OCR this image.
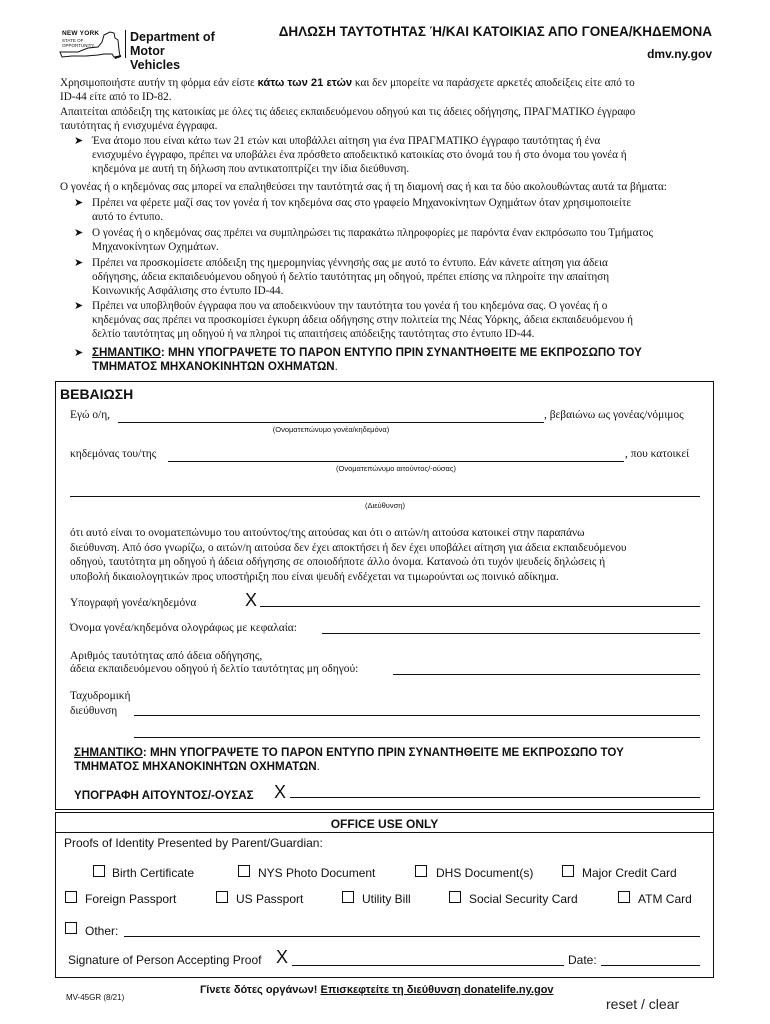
NEW YORK
STATE OF OPPORTUNITY.
Department of
Motor Vehicles
ΔΗΛΩΣΗ ΤΑΥΤΟΤΗΤΑΣ Ή/ΚΑΙ ΚΑΤΟΙΚΙΑΣ ΑΠΟ ΓΟΝΕΑ/ΚΗΔΕΜΟΝΑ
dmv.ny.gov
Χρησιμοποιήστε αυτήν τη φόρμα εάν είστε κάτω των 21 ετών και δεν μπορείτε να παράσχετε αρκετές αποδείξεις είτε από το
ID-44 είτε από το ID-82.
Απαιτείται απόδειξη της κατοικίας με όλες τις άδειες εκπαιδευόμενου οδηγού και τις άδειες οδήγησης, ΠΡΑΓΜΑΤΙΚΟ έγγραφο
ταυτότητας ή ενισχυμένα έγγραφα.
➤ Ένα άτομο που είναι κάτω των 21 ετών και υποβάλλει αίτηση για ένα ΠΡΑΓΜΑΤΙΚΟ έγγραφο ταυτότητας ή ένα
ενισχυμένο έγγραφο, πρέπει να υποβάλει ένα πρόσθετο αποδεικτικό κατοικίας στο όνομά του ή στο όνομα του γονέα ή
κηδεμόνα με αυτή τη δήλωση που αντικατοπτρίζει την ίδια διεύθυνση.
Ο γονέας ή ο κηδεμόνας σας μπορεί να επαληθεύσει την ταυτότητά σας ή τη διαμονή σας ή και τα δύο ακολουθώντας αυτά τα βήματα:
➤ Πρέπει να φέρετε μαζί σας τον γονέα ή τον κηδεμόνα σας στο γραφείο Μηχανοκίνητων Οχημάτων όταν χρησιμοποιείτε
αυτό το έντυπο.
➤ Ο γονέας ή ο κηδεμόνας σας πρέπει να συμπληρώσει τις παρακάτω πληροφορίες με παρόντα έναν εκπρόσωπο του Τμήματος
Μηχανοκίνητων Οχημάτων.
➤ Πρέπει να προσκομίσετε απόδειξη της ημερομηνίας γέννησής σας με αυτό το έντυπο. Εάν κάνετε αίτηση για άδεια
οδήγησης, άδεια εκπαιδευόμενου οδηγού ή δελτίο ταυτότητας μη οδηγού, πρέπει επίσης να πληροίτε την απαίτηση
Κοινωνικής Ασφάλισης στο έντυπο ID-44.
➤ Πρέπει να υποβληθούν έγγραφα που να αποδεικνύουν την ταυτότητα του γονέα ή του κηδεμόνα σας. Ο γονέας ή ο
κηδεμόνας σας πρέπει να προσκομίσει έγκυρη άδεια οδήγησης στην πολιτεία της Νέας Υόρκης, άδεια εκπαιδευόμενου ή
δελτίο ταυτότητας μη οδηγού ή να πληροί τις απαιτήσεις απόδειξης ταυτότητας στο έντυπο ID-44.
➤ ΣΗΜΑΝΤΙΚΟ: ΜΗΝ ΥΠΟΓΡΑΨΕΤΕ ΤΟ ΠΑΡΟΝ ΕΝΤΥΠΟ ΠΡΙΝ ΣΥΝΑΝΤΗΘΕΙΤΕ ΜΕ ΕΚΠΡΟΣΩΠΟ ΤΟΥ
ΤΜΗΜΑΤΟΣ ΜΗΧΑΝΟΚΙΝΗΤΩΝ ΟΧΗΜΑΤΩΝ.
ΒΕΒΑΙΩΣΗ
Εγώ ο/η,	, βεβαιώνω ως γονέας/νόμιμος
(Ονοματεπώνυμο γονέα/κηδεμόνα)
κηδεμόνας του/της	, που κατοικεί
(Ονοματεπώνυμο αιτούντος/-ούσας)
(Διεύθυνση)
ότι αυτό είναι το ονοματεπώνυμο του αιτούντος/της αιτούσας και ότι ο αιτών/η αιτούσα κατοικεί στην παραπάνω
διεύθυνση. Από όσο γνωρίζω, ο αιτών/η αιτούσα δεν έχει αποκτήσει ή δεν έχει υποβάλει αίτηση για άδεια εκπαιδευόμενου
οδηγού, ταυτότητα μη οδηγού ή άδεια οδήγησης σε οποιοδήποτε άλλο όνομα. Κατανοώ ότι τυχόν ψευδείς δηλώσεις ή
υποβολή δικαιολογητικών προς υποστήριξη που είναι ψευδή ενδέχεται να τιμωρούνται ως ποινικό αδίκημα.
Υπογραφή γονέα/κηδεμόνα	X
Όνομα γονέα/κηδεμόνα ολογράφως με κεφαλαία:
Αριθμός ταυτότητας από άδεια οδήγησης,
άδεια εκπαιδευόμενου οδηγού ή δελτίο ταυτότητας μη οδηγού:
Ταχυδρομική
διεύθυνση
ΣΗΜΑΝΤΙΚΟ: ΜΗΝ ΥΠΟΓΡΑΨΕΤΕ ΤΟ ΠΑΡΟΝ ΕΝΤΥΠΟ ΠΡΙΝ ΣΥΝΑΝΤΗΘΕΙΤΕ ΜΕ ΕΚΠΡΟΣΩΠΟ ΤΟΥ
ΤΜΗΜΑΤΟΣ ΜΗΧΑΝΟΚΙΝΗΤΩΝ ΟΧΗΜΑΤΩΝ.
ΥΠΟΓΡΑΦΗ ΑΙΤΟΥΝΤΟΣ/-ΟΥΣΑΣ X
OFFICE USE ONLY
Proofs of Identity Presented by Parent/Guardian:
Birth Certificate	NYS Photo Document	DHS Document(s)	Major Credit Card
Foreign Passport	US Passport	Utility Bill	Social Security Card	ATM Card
Other:
Signature of Person Accepting Proof X	Date:
MV-45GR (8/21)
Γίνετε δότες οργάνων! Επισκεφτείτε τη διεύθυνση donatelife.ny.gov
reset / clear
